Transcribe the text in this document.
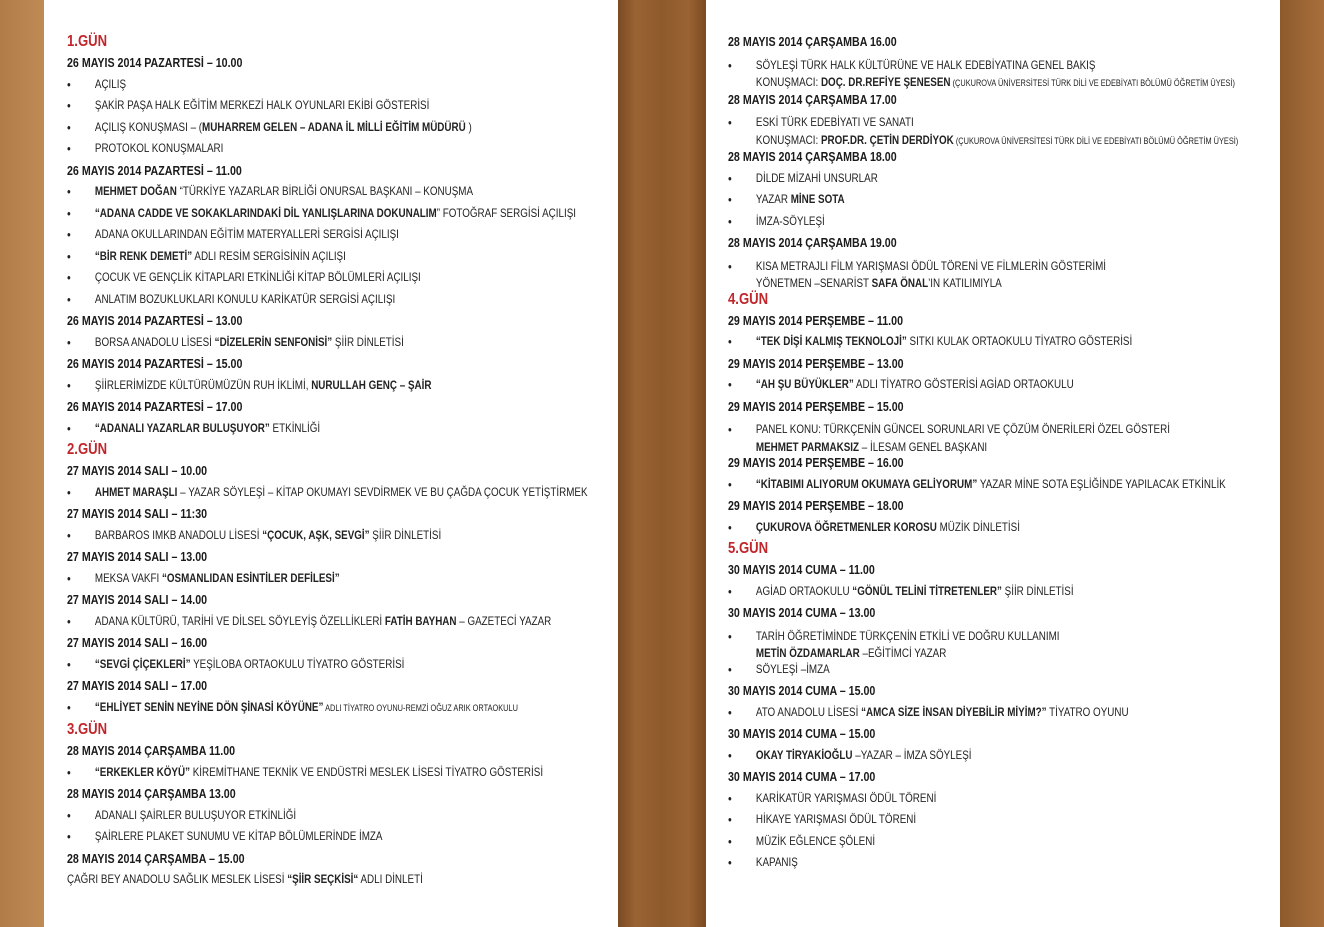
1.GÜN
26 MAYIS 2014 PAZARTESİ – 10.00
• AÇILIŞ
• ŞAKİR PAŞA HALK EĞİTİM MERKEZİ HALK OYUNLARI EKİBİ GÖSTERİSİ
• AÇILIŞ KONUŞMASI – (MUHARREM GELEN – ADANA İL MİLLİ EĞİTİM MÜDÜRÜ )
• PROTOKOL KONUŞMALARI
26 MAYIS 2014 PAZARTESİ – 11.00
• MEHMET DOĞAN “TÜRKİYE YAZARLAR BİRLİĞİ ONURSAL BAŞKANI – KONUŞMA
• “ADANA CADDE VE SOKAKLARINDAKİ DİL YANLIŞLARINA DOKUNALIM” FOTOĞRAF SERGİSİ AÇILIŞI
• ADANA OKULLARINDAN EĞİTİM MATERYALLERİ SERGİSİ AÇILIŞI
• “BİR RENK DEMETİ” ADLI RESİM SERGİSİNİN AÇILIŞI
• ÇOCUK VE GENÇLİK KİTAPLARI ETKİNLİĞİ KİTAP BÖLÜMLERİ AÇILIŞI
• ANLATIM BOZUKLUKLARI KONULU KARİKATÜR SERGİSİ AÇILIŞI
26 MAYIS 2014 PAZARTESİ – 13.00
• BORSA ANADOLU LİSESİ “DİZELERİN SENFONİSİ” ŞİİR DİNLETİSİ
26 MAYIS 2014 PAZARTESİ – 15.00
• ŞİİRLERİMİZDE KÜLTÜRÜMÜZÜN RUH İKLİMİ, NURULLAH GENÇ – ŞAİR
26 MAYIS 2014 PAZARTESİ – 17.00
• “ADANALI YAZARLAR BULUŞUYOR” ETKİNLİĞİ
2.GÜN
27 MAYIS 2014 SALI – 10.00
• AHMET MARAŞLI – YAZAR SÖYLEŞİ – KİTAP OKUMAYI SEVDİRMEK VE BU ÇAĞDA ÇOCUK YETİŞTİRMEK
27 MAYIS 2014 SALI – 11:30
• BARBAROS IMKB ANADOLU LİSESİ “ÇOCUK, AŞK, SEVGİ” ŞİİR DİNLETİSİ
27 MAYIS 2014 SALI – 13.00
• MEKSA VAKFI “OSMANLIDAN ESİNTİLER DEFİLESİ”
27 MAYIS 2014 SALI – 14.00
• ADANA KÜLTÜRÜ, TARİHİ VE DİLSEL SÖYLEYİŞ ÖZELLİKLERİ FATİH BAYHAN – GAZETECİ YAZAR
27 MAYIS 2014 SALI – 16.00
• “SEVGİ ÇİÇEKLERİ” YEŞİLOBA ORTAOKULU TİYATRO GÖSTERİSİ
27 MAYIS 2014 SALI – 17.00
• “EHLİYET SENİN NEYİNE DÖN ŞİNASİ KÖYÜNE” ADLI TİYATRO OYUNU-REMZİ OĞUZ ARIK ORTAOKULU
3.GÜN
28 MAYIS 2014 ÇARŞAMBA 11.00
• “ERKEKLER KÖYÜ” KİREMİTHANE TEKNİK VE ENDÜSTRİ MESLEK LİSESİ TİYATRO GÖSTERİSİ
28 MAYIS 2014 ÇARŞAMBA 13.00
• ADANALI ŞAİRLER BULUŞUYOR ETKİNLİĞİ
• ŞAİRLERE PLAKET SUNUMU VE KİTAP BÖLÜMLERİNDE İMZA
28 MAYIS 2014 ÇARŞAMBA – 15.00
ÇAĞRI BEY ANADOLU SAĞLIK MESLEK LİSESİ “ŞİİR SEÇKİSİ“ ADLI DİNLETİ
28 MAYIS 2014 ÇARŞAMBA 16.00
• SÖYLEŞİ TÜRK HALK KÜLTÜRÜNE VE HALK EDEBİYATINA GENEL BAKIŞ
KONUŞMACI: DOÇ. DR.REFİYE ŞENESEN (ÇUKUROVA ÜNİVERSİTESİ TÜRK DİLİ VE EDEBİYATI BÖLÜMÜ ÖĞRETİM ÜYESİ)
28 MAYIS 2014 ÇARŞAMBA 17.00
• ESKİ TÜRK EDEBİYATI VE SANATI
KONUŞMACI: PROF.DR. ÇETİN DERDİYOK (ÇUKUROVA ÜNİVERSİTESİ TÜRK DİLİ VE EDEBİYATI BÖLÜMÜ ÖĞRETİM ÜYESİ)
28 MAYIS 2014 ÇARŞAMBA 18.00
• DİLDE MİZAHİ UNSURLAR
• YAZAR MİNE SOTA
• İMZA-SÖYLEŞİ
28 MAYIS 2014 ÇARŞAMBA 19.00
• KISA METRAJLI FİLM YARIŞMASI ÖDÜL TÖRENİ VE FİLMLERİN GÖSTERİMİ
YÖNETMEN –SENARİST SAFA ÖNAL’IN KATILIMIYLA
4.GÜN
29 MAYIS 2014 PERŞEMBE – 11.00
• “TEK DİŞİ KALMIŞ TEKNOLOJİ” SITKI KULAK ORTAOKULU TİYATRO GÖSTERİSİ
29 MAYIS 2014 PERŞEMBE – 13.00
• “AH ŞU BÜYÜKLER” ADLI TİYATRO GÖSTERİSİ AGİAD ORTAOKULU
29 MAYIS 2014 PERŞEMBE – 15.00
• PANEL KONU: TÜRKÇENİN GÜNCEL SORUNLARI VE ÇÖZÜM ÖNERİLERİ ÖZEL GÖSTERİ
MEHMET PARMAKSIZ – İLESAM GENEL BAŞKANI
29 MAYIS 2014 PERŞEMBE – 16.00
• “KİTABIMI ALIYORUM OKUMAYA GELİYORUM” YAZAR MİNE SOTA EŞLİĞİNDE YAPILACAK ETKİNLİK
29 MAYIS 2014 PERŞEMBE – 18.00
• ÇUKUROVA ÖĞRETMENLER KOROSU MÜZİK DİNLETİSİ
5.GÜN
30 MAYIS 2014 CUMA – 11.00
• AGİAD ORTAOKULU “GÖNÜL TELİNİ TİTRETENLER” ŞİİR DİNLETİSİ
30 MAYIS 2014 CUMA – 13.00
• TARİH ÖĞRETİMİNDE TÜRKÇENİN ETKİLİ VE DOĞRU KULLANIMI
METİN ÖZDAMARLAR –EĞİTİMCİ YAZAR
• SÖYLEŞİ –İMZA
30 MAYIS 2014 CUMA – 15.00
• ATO ANADOLU LİSESİ “AMCA SİZE İNSAN DİYEBİLİR MİYİM?” TİYATRO OYUNU
30 MAYIS 2014 CUMA – 15.00
• OKAY TİRYAKİOĞLU –YAZAR – İMZA SÖYLEŞİ
30 MAYIS 2014 CUMA – 17.00
• KARİKATÜR YARIŞMASI ÖDÜL TÖRENİ
• HİKAYE YARIŞMASI ÖDÜL TÖRENİ
• MÜZİK EĞLENCE ŞÖLENİ
• KAPANIŞ
